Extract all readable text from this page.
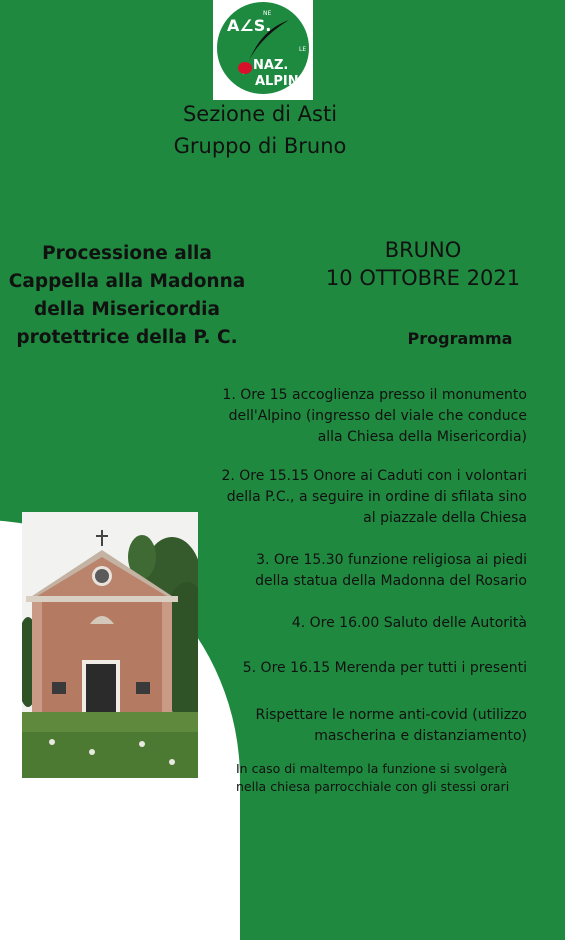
A∠S.
NE
NAZ.
LE
ALPINI
Sezione di Asti
Gruppo di Bruno
Processione alla
Cappella alla Madonna
della Misericordia
protettrice della P. C.
BRUNO
10 OTTOBRE 2021
Programma
1. Ore 15 accoglienza presso il monumento
dell'Alpino (ingresso del viale che conduce
alla Chiesa della Misericordia)
2. Ore 15.15 Onore ai Caduti con i volontari
della P.C., a seguire in ordine di sfilata sino
al piazzale della Chiesa
3. Ore 15.30 funzione religiosa ai piedi
della statua della Madonna del Rosario
4. Ore 16.00 Saluto delle Autorità
5. Ore 16.15 Merenda per tutti i presenti
Rispettare le norme anti-covid (utilizzo
mascherina e distanziamento)
In caso di maltempo la funzione si svolgerà
nella chiesa parrocchiale con gli stessi orari
